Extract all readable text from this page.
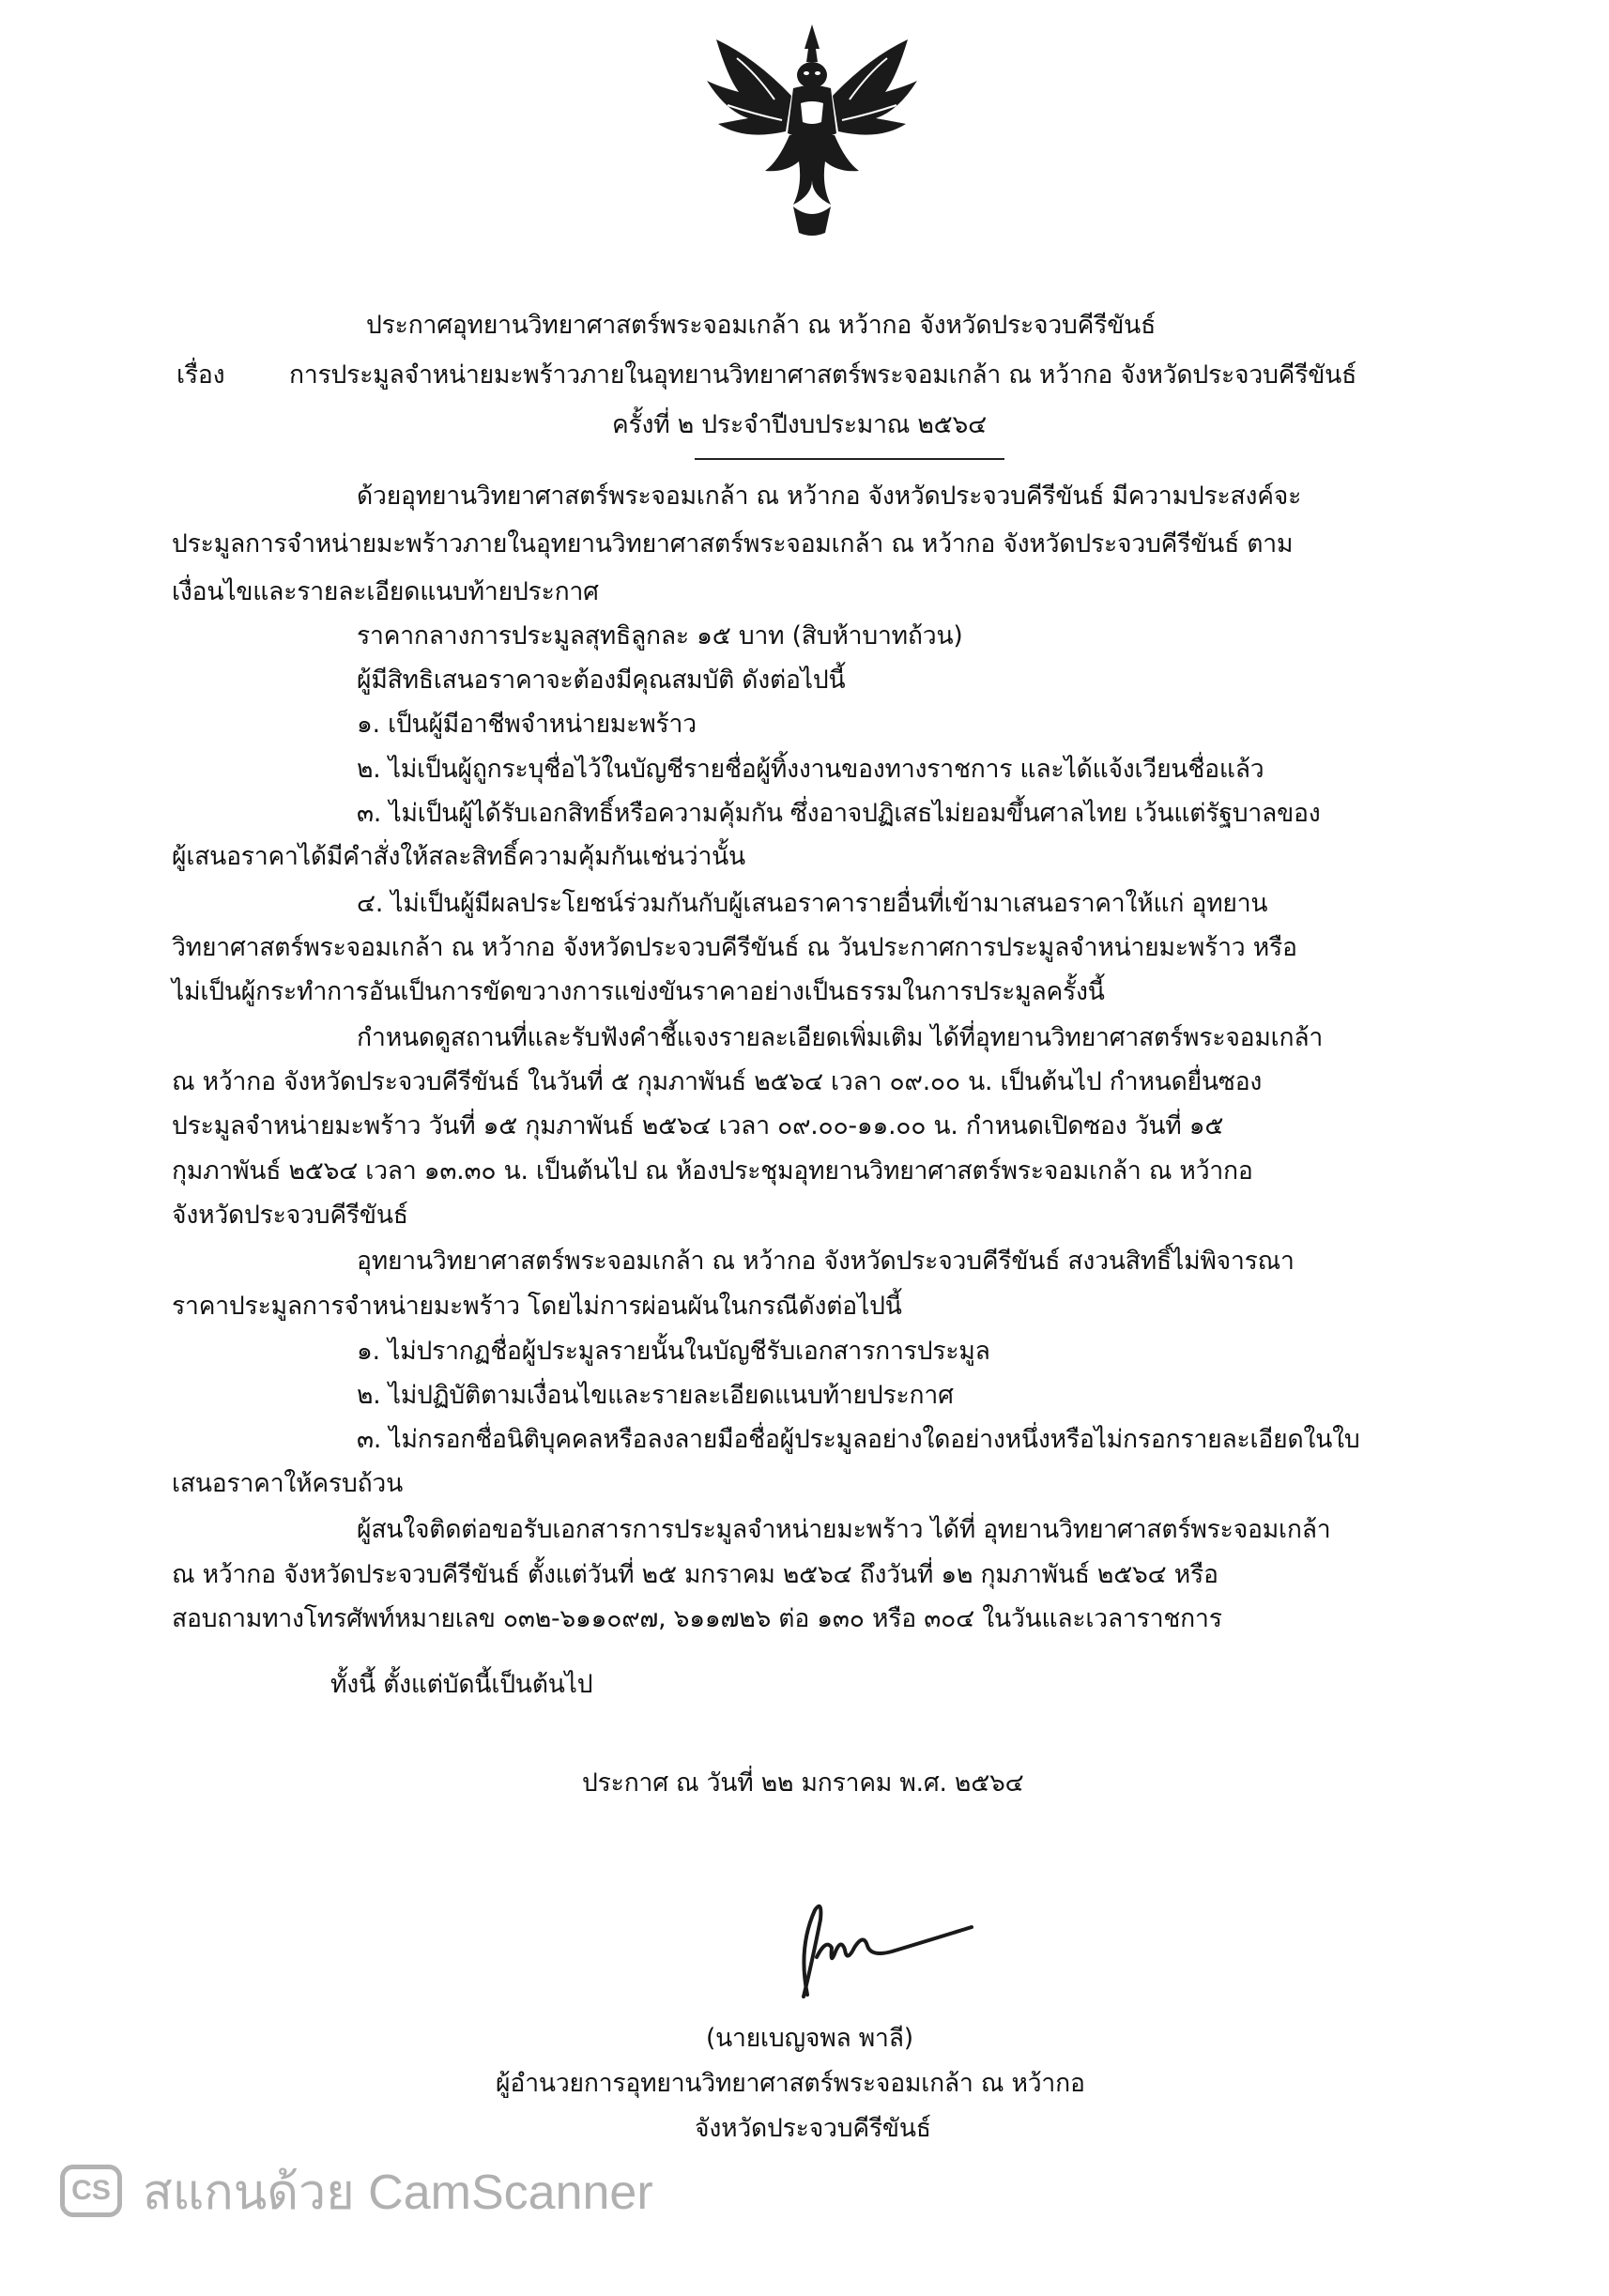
ประกาศอุทยานวิทยาศาสตร์พระจอมเกล้า ณ หว้ากอ จังหวัดประจวบคีรีขันธ์
เรื่อง	การประมูลจำหน่ายมะพร้าวภายในอุทยานวิทยาศาสตร์พระจอมเกล้า ณ หว้ากอ จังหวัดประจวบคีรีขันธ์
ครั้งที่ ๒ ประจำปีงบประมาณ ๒๕๖๔
ด้วยอุทยานวิทยาศาสตร์พระจอมเกล้า ณ หว้ากอ จังหวัดประจวบคีรีขันธ์ มีความประสงค์จะ
ประมูลการจำหน่ายมะพร้าวภายในอุทยานวิทยาศาสตร์พระจอมเกล้า ณ หว้ากอ จังหวัดประจวบคีรีขันธ์ ตาม
เงื่อนไขและรายละเอียดแนบท้ายประกาศ
ราคากลางการประมูลสุทธิลูกละ ๑๕ บาท (สิบห้าบาทถ้วน)
ผู้มีสิทธิเสนอราคาจะต้องมีคุณสมบัติ ดังต่อไปนี้
๑. เป็นผู้มีอาชีพจำหน่ายมะพร้าว
๒. ไม่เป็นผู้ถูกระบุชื่อไว้ในบัญชีรายชื่อผู้ทิ้งงานของทางราชการ และได้แจ้งเวียนชื่อแล้ว
๓. ไม่เป็นผู้ได้รับเอกสิทธิ์หรือความคุ้มกัน ซึ่งอาจปฏิเสธไม่ยอมขึ้นศาลไทย เว้นแต่รัฐบาลของ
ผู้เสนอราคาได้มีคำสั่งให้สละสิทธิ์ความคุ้มกันเช่นว่านั้น
๔. ไม่เป็นผู้มีผลประโยชน์ร่วมกันกับผู้เสนอราคารายอื่นที่เข้ามาเสนอราคาให้แก่ อุทยาน
วิทยาศาสตร์พระจอมเกล้า ณ หว้ากอ จังหวัดประจวบคีรีขันธ์ ณ วันประกาศการประมูลจำหน่ายมะพร้าว หรือ
ไม่เป็นผู้กระทำการอันเป็นการขัดขวางการแข่งขันราคาอย่างเป็นธรรมในการประมูลครั้งนี้
กำหนดดูสถานที่และรับฟังคำชี้แจงรายละเอียดเพิ่มเติม ได้ที่อุทยานวิทยาศาสตร์พระจอมเกล้า
ณ หว้ากอ จังหวัดประจวบคีรีขันธ์ ในวันที่ ๕ กุมภาพันธ์ ๒๕๖๔ เวลา ๐๙.๐๐ น. เป็นต้นไป กำหนดยื่นซอง
ประมูลจำหน่ายมะพร้าว วันที่ ๑๕ กุมภาพันธ์ ๒๕๖๔ เวลา ๐๙.๐๐-๑๑.๐๐ น. กำหนดเปิดซอง วันที่ ๑๕
กุมภาพันธ์ ๒๕๖๔ เวลา ๑๓.๓๐ น. เป็นต้นไป ณ ห้องประชุมอุทยานวิทยาศาสตร์พระจอมเกล้า ณ หว้ากอ
จังหวัดประจวบคีรีขันธ์
อุทยานวิทยาศาสตร์พระจอมเกล้า ณ หว้ากอ จังหวัดประจวบคีรีขันธ์ สงวนสิทธิ์ไม่พิจารณา
ราคาประมูลการจำหน่ายมะพร้าว โดยไม่การผ่อนผันในกรณีดังต่อไปนี้
๑. ไม่ปรากฏชื่อผู้ประมูลรายนั้นในบัญชีรับเอกสารการประมูล
๒. ไม่ปฏิบัติตามเงื่อนไขและรายละเอียดแนบท้ายประกาศ
๓. ไม่กรอกชื่อนิติบุคคลหรือลงลายมือชื่อผู้ประมูลอย่างใดอย่างหนึ่งหรือไม่กรอกรายละเอียดในใบ
เสนอราคาให้ครบถ้วน
ผู้สนใจติดต่อขอรับเอกสารการประมูลจำหน่ายมะพร้าว ได้ที่ อุทยานวิทยาศาสตร์พระจอมเกล้า
ณ หว้ากอ จังหวัดประจวบคีรีขันธ์ ตั้งแต่วันที่ ๒๕ มกราคม ๒๕๖๔ ถึงวันที่ ๑๒ กุมภาพันธ์ ๒๕๖๔ หรือ
สอบถามทางโทรศัพท์หมายเลข ๐๓๒-๖๑๑๐๙๗, ๖๑๑๗๒๖ ต่อ ๑๓๐ หรือ ๓๐๔ ในวันและเวลาราชการ
ทั้งนี้ ตั้งแต่บัดนี้เป็นต้นไป
ประกาศ ณ วันที่ ๒๒ มกราคม พ.ศ. ๒๕๖๔
(นายเบญจพล พาลี)
ผู้อำนวยการอุทยานวิทยาศาสตร์พระจอมเกล้า ณ หว้ากอ
จังหวัดประจวบคีรีขันธ์
CS สแกนด้วย CamScanner
